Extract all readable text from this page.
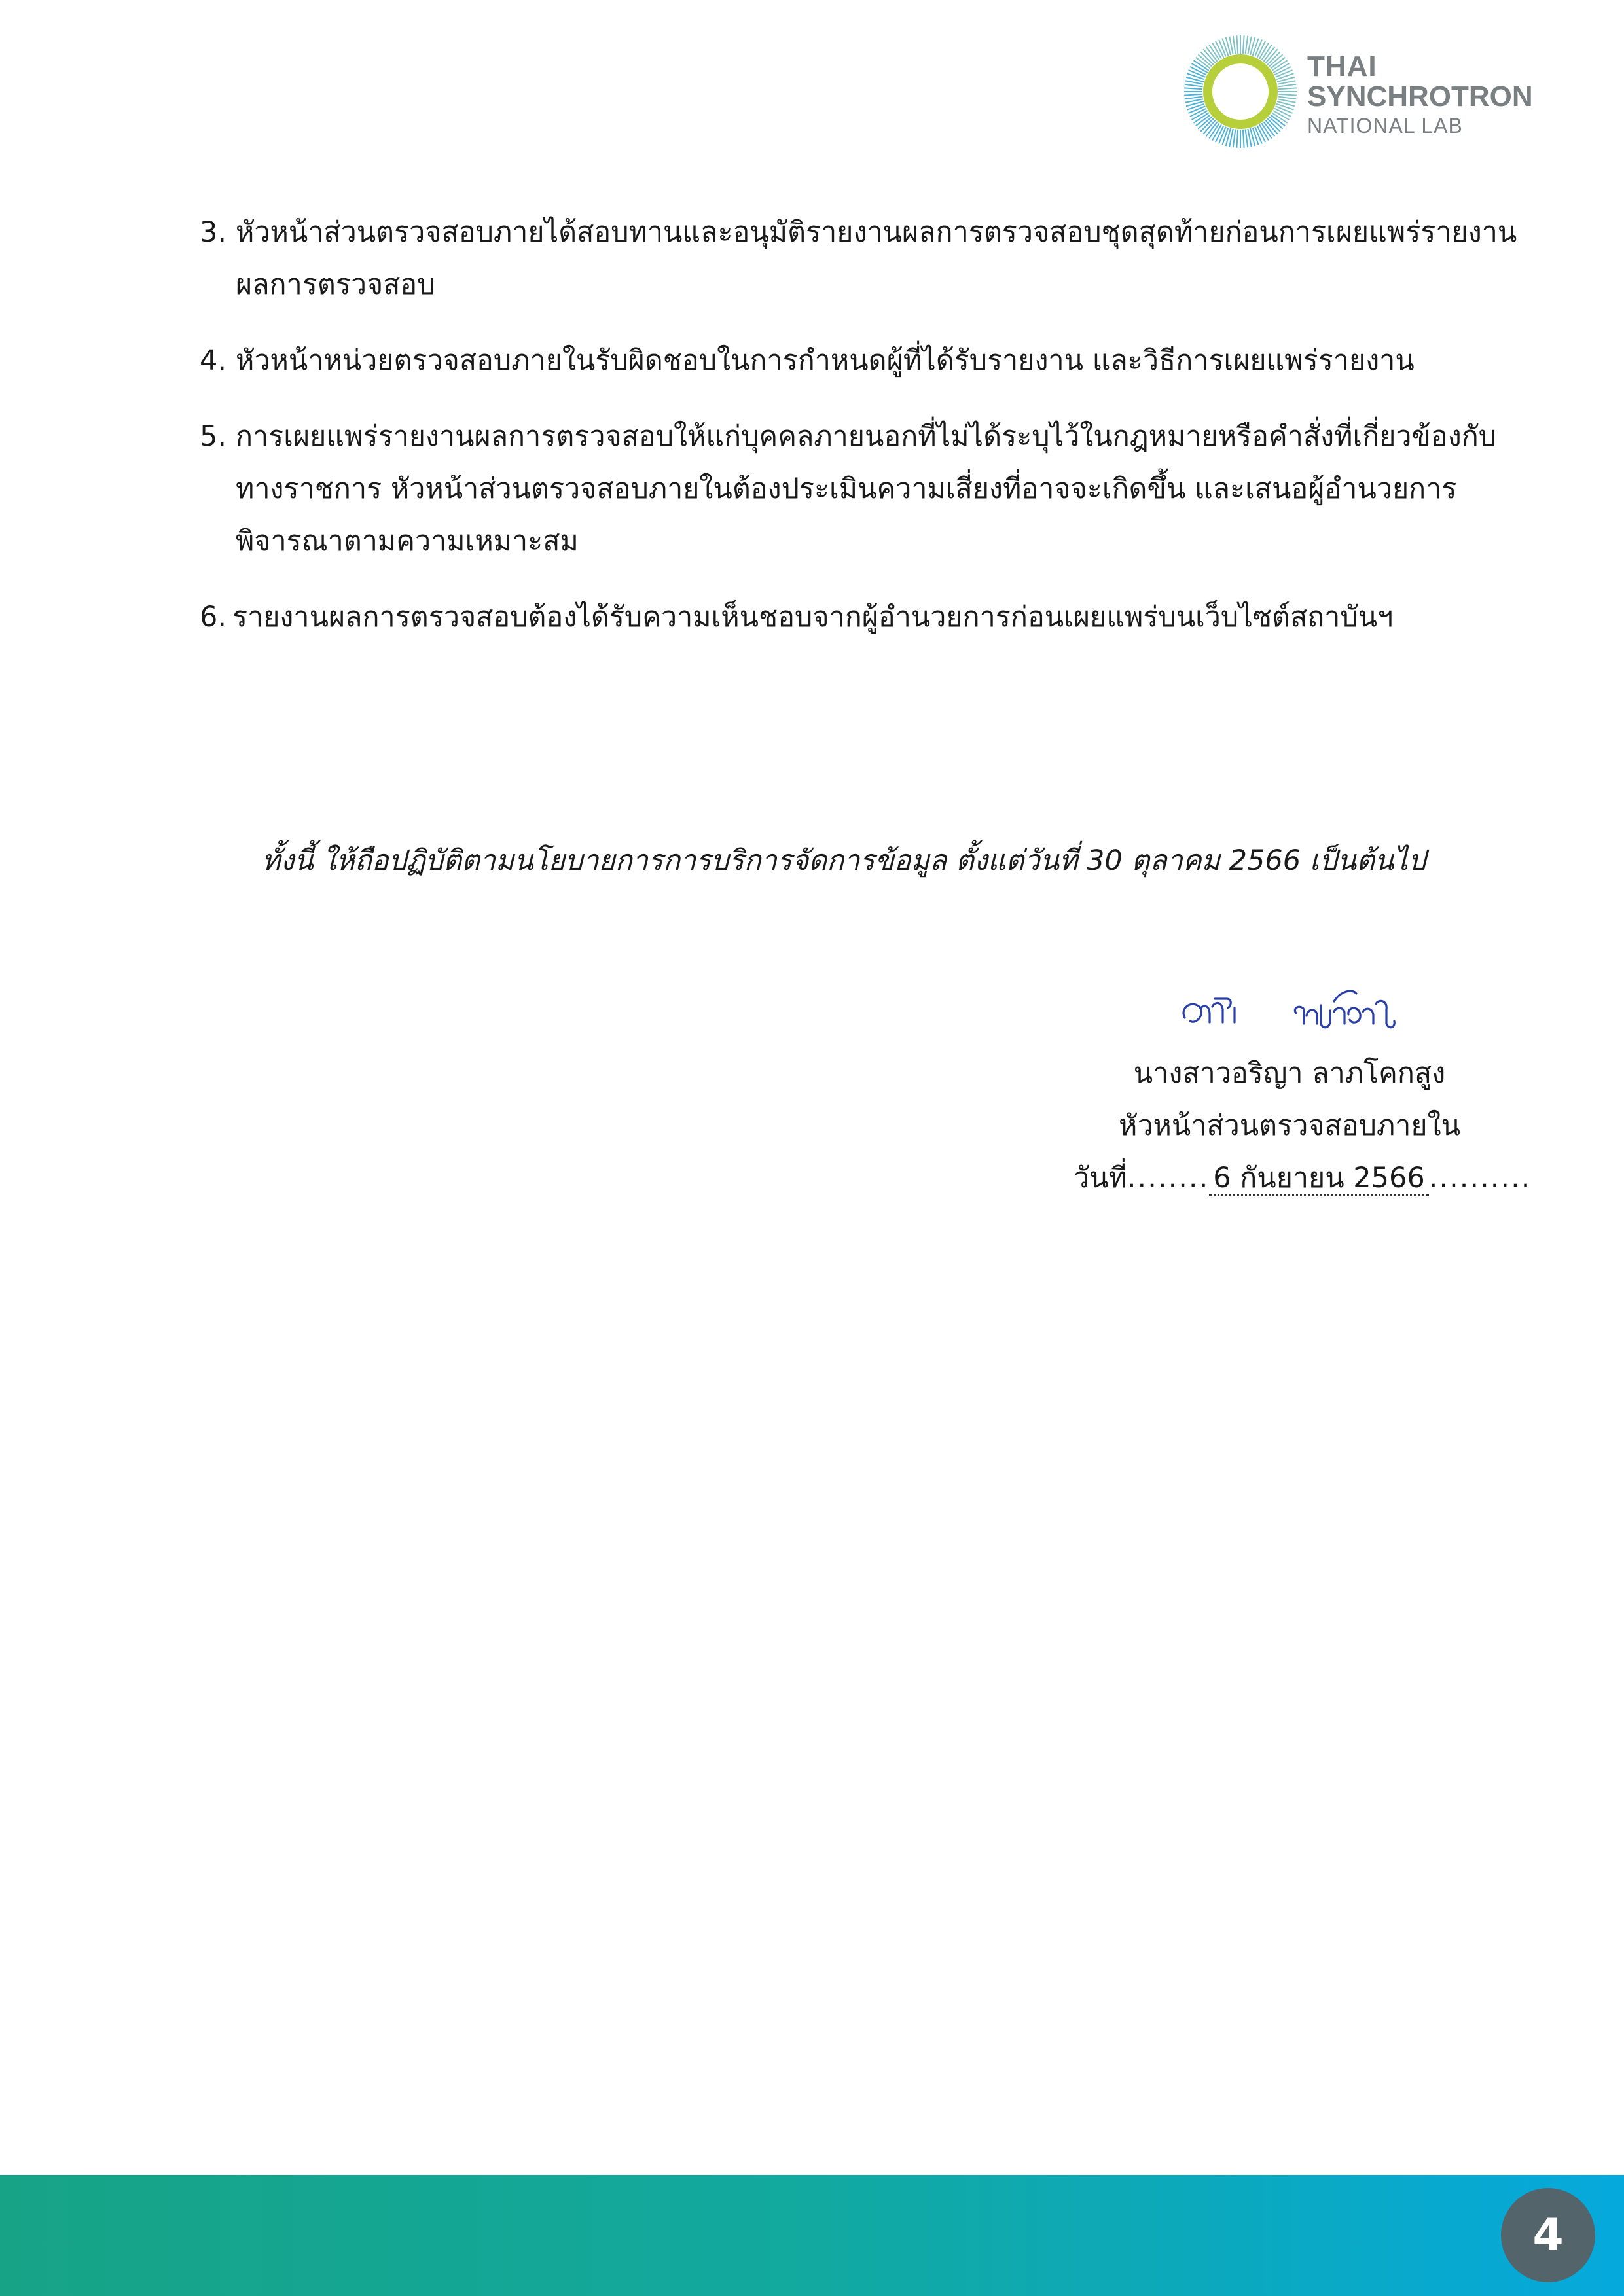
THAI
SYNCHROTRON
NATIONAL LAB
3. หัวหน้าส่วนตรวจสอบภายได้สอบทานและอนุมัติรายงานผลการตรวจสอบชุดสุดท้ายก่อนการเผยแพร่รายงานผลการตรวจสอบ
4. หัวหน้าหน่วยตรวจสอบภายในรับผิดชอบในการกำหนดผู้ที่ได้รับรายงาน และวิธีการเผยแพร่รายงาน
5. การเผยแพร่รายงานผลการตรวจสอบให้แก่บุคคลภายนอกที่ไม่ได้ระบุไว้ในกฎหมายหรือคำสั่งที่เกี่ยวข้องกับทางราชการ หัวหน้าส่วนตรวจสอบภายในต้องประเมินความเสี่ยงที่อาจจะเกิดขึ้น และเสนอผู้อำนวยการพิจารณาตามความเหมาะสม
6. รายงานผลการตรวจสอบต้องได้รับความเห็นชอบจากผู้อำนวยการก่อนเผยแพร่บนเว็บไซต์สถาบันฯ
ทั้งนี้ ให้ถือปฏิบัติตามนโยบายการการบริการจัดการข้อมูล ตั้งแต่วันที่ 30 ตุลาคม 2566 เป็นต้นไป
นางสาวอริญา ลาภโคกสูง
หัวหน้าส่วนตรวจสอบภายใน
วันที่........ 6 กันยายน 2566 ..........
4
